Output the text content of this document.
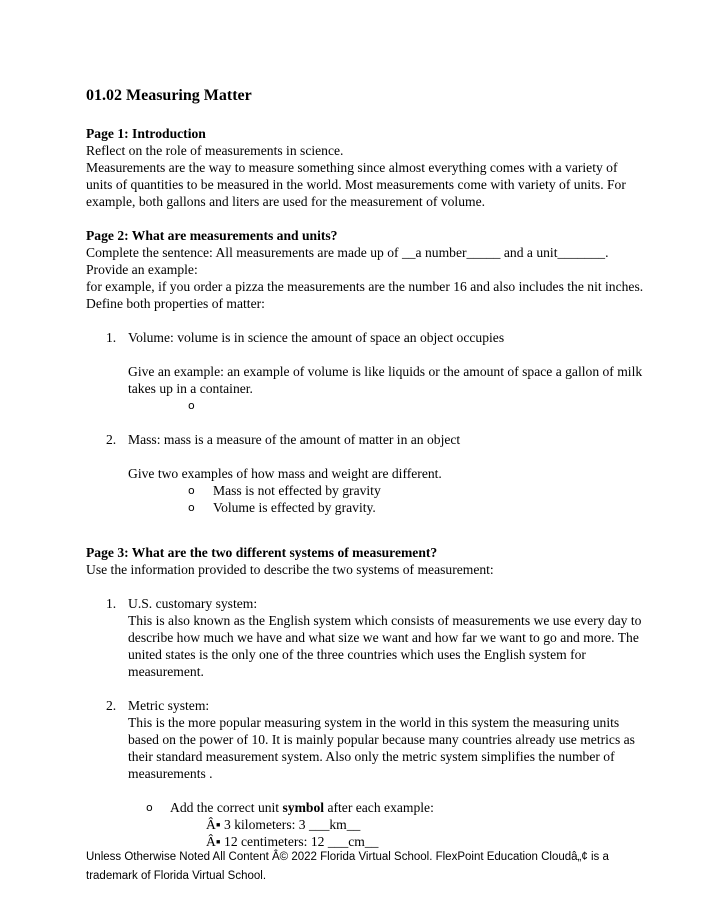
01.02 Measuring Matter

Page 1: Introduction

Reflect on the role of measurements in science.

Measurements are the way to measure something since almost everything comes with a variety of units of quantities to be measured in the world. Most measurements come with variety of units. For example, both gallons and liters are used for the measurement of volume.

Page 2: What are measurements and units?

Complete the sentence: All measurements are made up of __a number_____ and a unit_______.

Provide an example:

for example, if you order a pizza the measurements are the number 16 and also includes the nit inches.

Define both properties of matter:

1. Volume: volume is in science the amount of space an object occupies

Give an example: an example of volume is like liquids or the amount of space a gallon of milk takes up in a container.

o
2. Mass: mass is a measure of the amount of matter in an object

Give two examples of how mass and weight are different.

o Mass is not effected by gravity
o Volume is effected by gravity.

Page 3: What are the two different systems of measurement?

Use the information provided to describe the two systems of measurement:

1. U.S. customary system:

This is also known as the English system which consists of measurements we use every day to describe how much we have and what size we want and how far we want to go and more. The united states is the only one of the three countries which uses the English system for measurement.

2. Metric system:

This is the more popular measuring system in the world in this system the measuring units based on the power of 10. It is mainly popular because many countries already use metrics as their standard measurement system. Also only the metric system simplifies the number of measurements .

o Add the correct unit symbol after each example:
Â▪ 3 kilometers: 3 ___km__
Â▪ 12 centimeters: 12 ___cm__
Unless Otherwise Noted All Content Â© 2022 Florida Virtual School. FlexPoint Education Cloudâ„¢ is a
trademark of Florida Virtual School.
